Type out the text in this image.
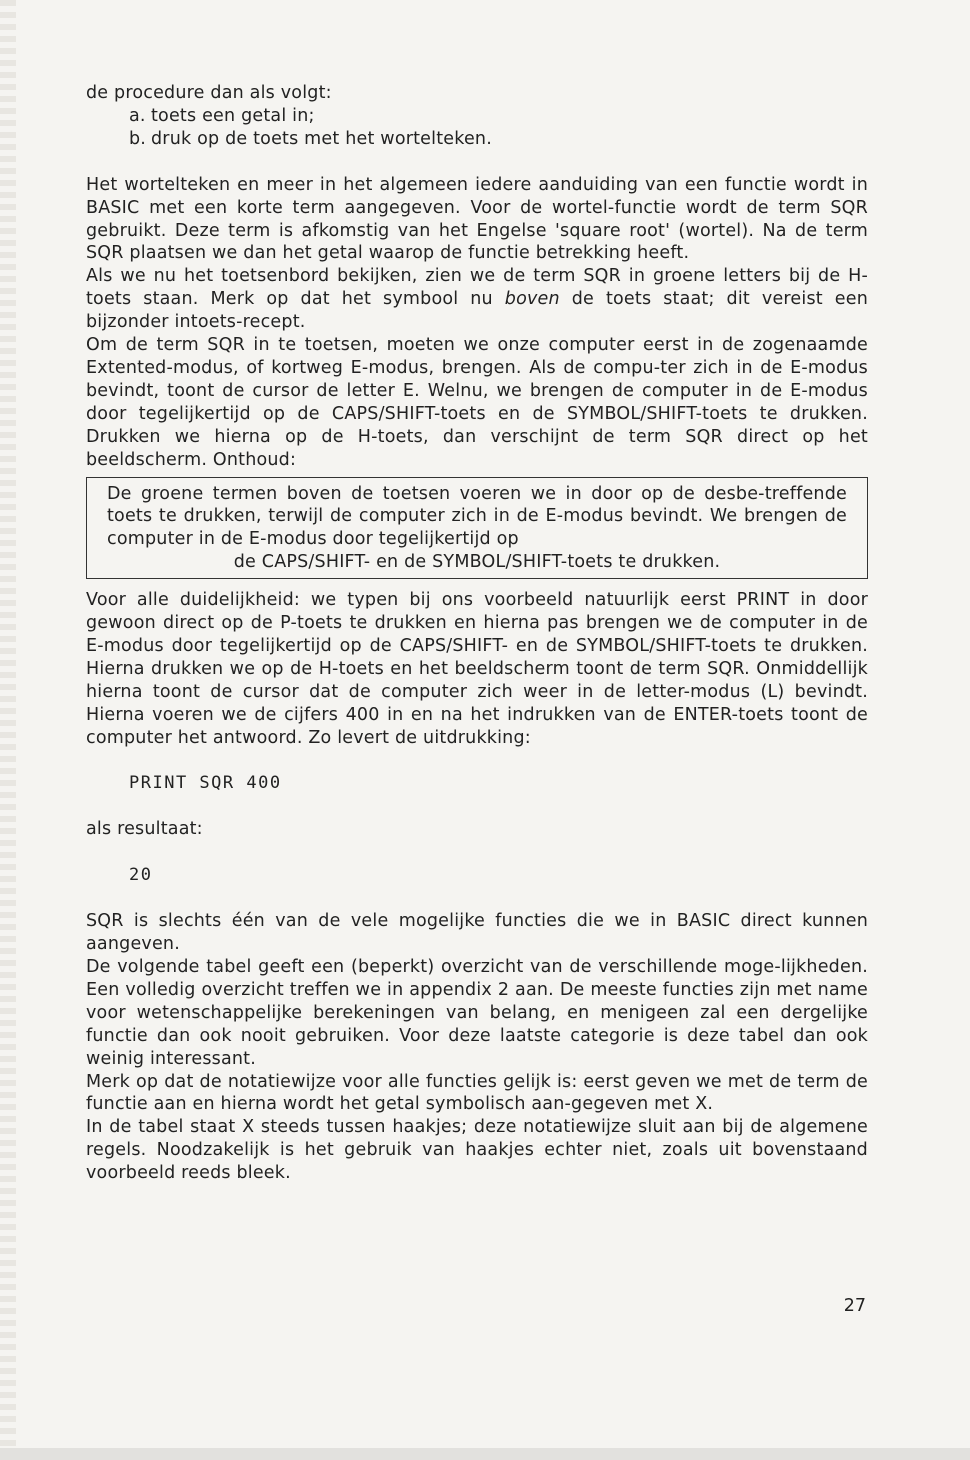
de procedure dan als volgt:

a. toets een getal in;

b. druk op de toets met het wortelteken.

Het wortelteken en meer in het algemeen iedere aanduiding van een functie wordt in BASIC met een korte term aangegeven. Voor de wortel-functie wordt de term SQR gebruikt. Deze term is afkomstig van het Engelse 'square root' (wortel). Na de term SQR plaatsen we dan het getal waarop de functie betrekking heeft.

Als we nu het toetsenbord bekijken, zien we de term SQR in groene letters bij de H-toets staan. Merk op dat het symbool nu boven de toets staat; dit vereist een bijzonder intoets-recept.

Om de term SQR in te toetsen, moeten we onze computer eerst in de zogenaamde Extented-modus, of kortweg E-modus, brengen. Als de compu-ter zich in de E-modus bevindt, toont de cursor de letter E. Welnu, we brengen de computer in de E-modus door tegelijkertijd op de CAPS/SHIFT-toets en de SYMBOL/SHIFT-toets te drukken. Drukken we hierna op de H-toets, dan verschijnt de term SQR direct op het beeldscherm. Onthoud:

De groene termen boven de toetsen voeren we in door op de desbe-treffende toets te drukken, terwijl de computer zich in de E-modus bevindt. We brengen de computer in de E-modus door tegelijkertijd op

de CAPS/SHIFT- en de SYMBOL/SHIFT-toets te drukken.

Voor alle duidelijkheid: we typen bij ons voorbeeld natuurlijk eerst PRINT in door gewoon direct op de P-toets te drukken en hierna pas brengen we de computer in de E-modus door tegelijkertijd op de CAPS/SHIFT- en de SYMBOL/SHIFT-toets te drukken. Hierna drukken we op de H-toets en het beeldscherm toont de term SQR. Onmiddellijk hierna toont de cursor dat de computer zich weer in de letter-modus (L) bevindt. Hierna voeren we de cijfers 400 in en na het indrukken van de ENTER-toets toont de computer het antwoord. Zo levert de uitdrukking:

PRINT SQR 400

als resultaat:

20

SQR is slechts één van de vele mogelijke functies die we in BASIC direct kunnen aangeven.

De volgende tabel geeft een (beperkt) overzicht van de verschillende moge-lijkheden. Een volledig overzicht treffen we in appendix 2 aan. De meeste functies zijn met name voor wetenschappelijke berekeningen van belang, en menigeen zal een dergelijke functie dan ook nooit gebruiken. Voor deze laatste categorie is deze tabel dan ook weinig interessant.

Merk op dat de notatiewijze voor alle functies gelijk is: eerst geven we met de term de functie aan en hierna wordt het getal symbolisch aan-gegeven met X.

In de tabel staat X steeds tussen haakjes; deze notatiewijze sluit aan bij de algemene regels. Noodzakelijk is het gebruik van haakjes echter niet, zoals uit bovenstaand voorbeeld reeds bleek.

27
